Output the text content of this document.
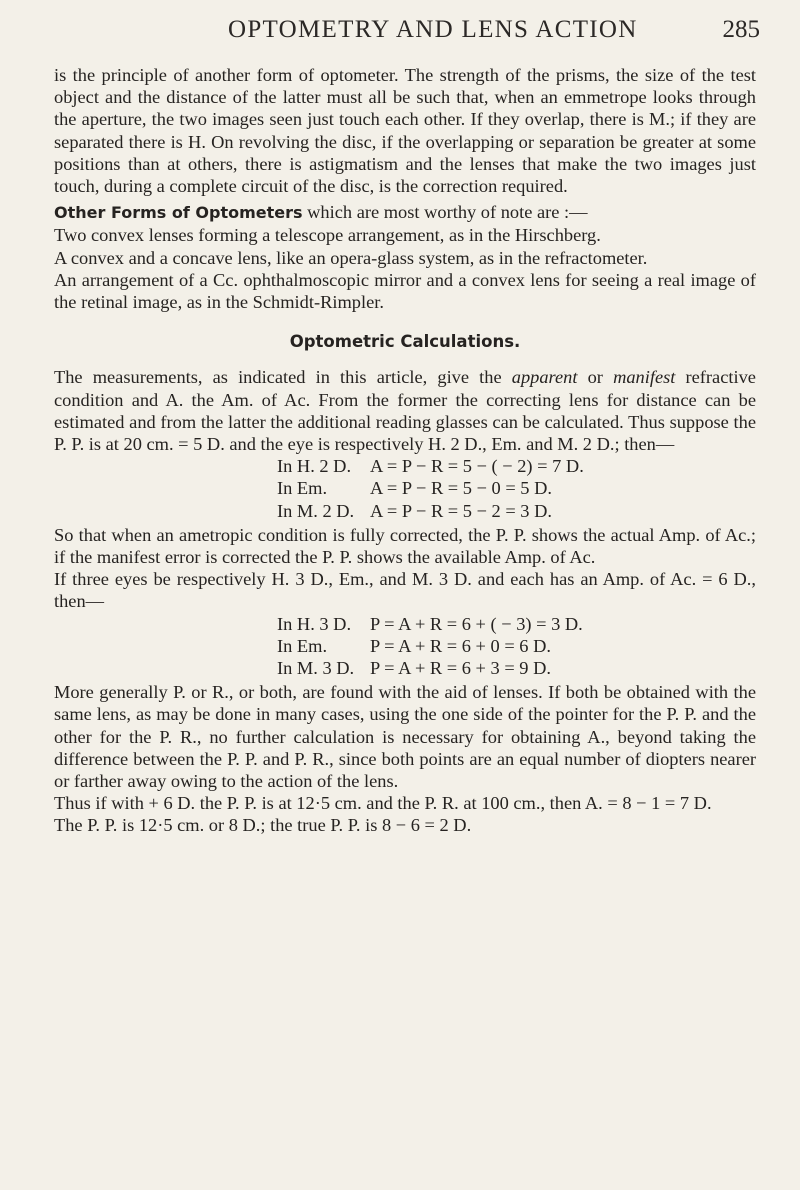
OPTOMETRY AND LENS ACTION	285

is the principle of another form of optometer. The strength of the prisms, the size of the test object and the distance of the latter must all be such that, when an emmetrope looks through the aperture, the two images seen just touch each other. If they overlap, there is M.; if they are separated there is H. On revolving the disc, if the overlapping or separation be greater at some positions than at others, there is astigmatism and the lenses that make the two images just touch, during a complete circuit of the disc, is the correction required.

Other Forms of Optometers which are most worthy of note are :—

Two convex lenses forming a telescope arrangement, as in the Hirschberg.

A convex and a concave lens, like an opera-glass system, as in the refractometer.

An arrangement of a Cc. ophthalmoscopic mirror and a convex lens for seeing a real image of the retinal image, as in the Schmidt-Rimpler.

Optometric Calculations.

The measurements, as indicated in this article, give the apparent or manifest refractive condition and A. the Am. of Ac. From the former the correcting lens for distance can be estimated and from the latter the additional reading glasses can be calculated. Thus suppose the P. P. is at 20 cm. = 5 D. and the eye is respectively H. 2 D., Em. and M. 2 D.; then—

In H. 2 D.	A = P − R = 5 − ( − 2) = 7 D.
In Em.	A = P − R = 5 − 0 = 5 D.
In M. 2 D. A = P − R = 5 − 2 = 3 D.

So that when an ametropic condition is fully corrected, the P. P. shows the actual Amp. of Ac.; if the manifest error is corrected the P. P. shows the available Amp. of Ac.

If three eyes be respectively H. 3 D., Em., and M. 3 D. and each has an Amp. of Ac. = 6 D., then—

In H. 3 D.	P = A + R = 6 + ( − 3) = 3 D.
In Em.	P = A + R = 6 + 0 = 6 D.
In M. 3 D. P = A + R = 6 + 3 = 9 D.

More generally P. or R., or both, are found with the aid of lenses. If both be obtained with the same lens, as may be done in many cases, using the one side of the pointer for the P. P. and the other for the P. R., no further calculation is necessary for obtaining A., beyond taking the difference between the P. P. and P. R., since both points are an equal number of diopters nearer or farther away owing to the action of the lens.

Thus if with + 6 D. the P. P. is at 12·5 cm. and the P. R. at 100 cm., then A. = 8 − 1 = 7 D.

The P. P. is 12·5 cm. or 8 D.; the true P. P. is 8 − 6 = 2 D.
